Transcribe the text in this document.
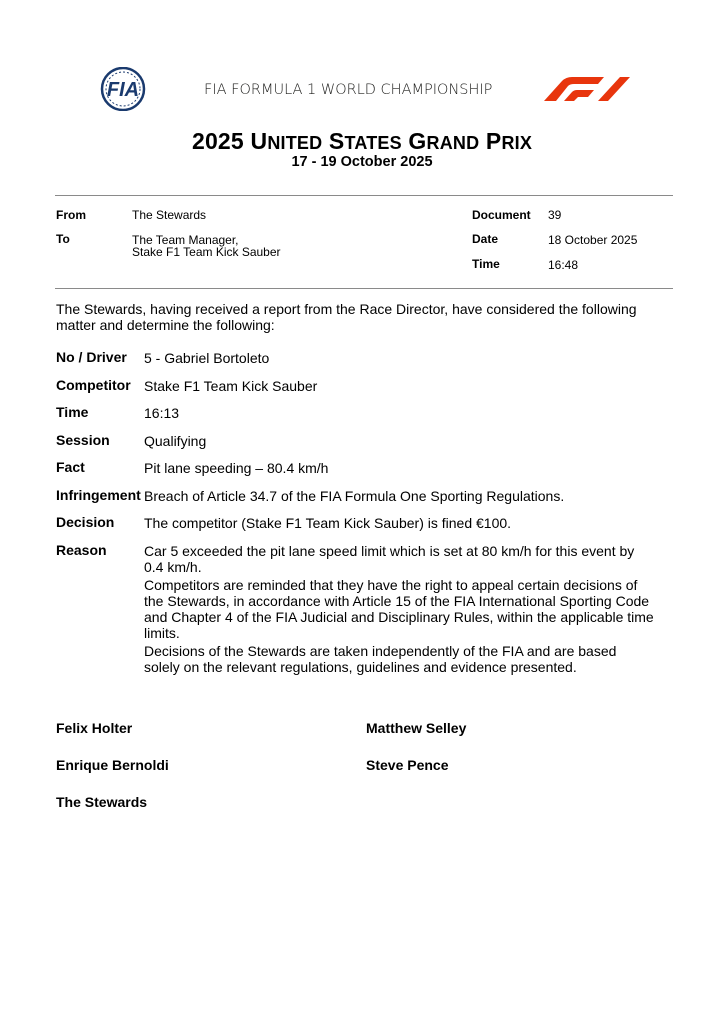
FIA	FIA FORMULA 1 WORLD CHAMPIONSHIP
2025 UNITED STATES GRAND PRIX
17 - 19 October 2025
From	The Stewards
To	The Team Manager,
Stake F1 Team Kick Sauber
Document 39
Date	18 October 2025
Time	16:48
The Stewards, having received a report from the Race Director, have considered the following matter and determine the following:
No / Driver 5 - Gabriel Bortoleto
Competitor Stake F1 Team Kick Sauber
Time	16:13
Session Qualifying
Fact	Pit lane speeding – 80.4 km/h
Infringement Breach of Article 34.7 of the FIA Formula One Sporting Regulations.
Decision The competitor (Stake F1 Team Kick Sauber) is fined €100.
Reason	Car 5 exceeded the pit lane speed limit which is set at 80 km/h for this event by 0.4 km/h.
Competitors are reminded that they have the right to appeal certain decisions of the Stewards, in accordance with Article 15 of the FIA International Sporting Code and Chapter 4 of the FIA Judicial and Disciplinary Rules, within the applicable time limits.
Decisions of the Stewards are taken independently of the FIA and are based solely on the relevant regulations, guidelines and evidence presented.
Felix Holter	Matthew Selley
Enrique Bernoldi	Steve Pence
The Stewards
